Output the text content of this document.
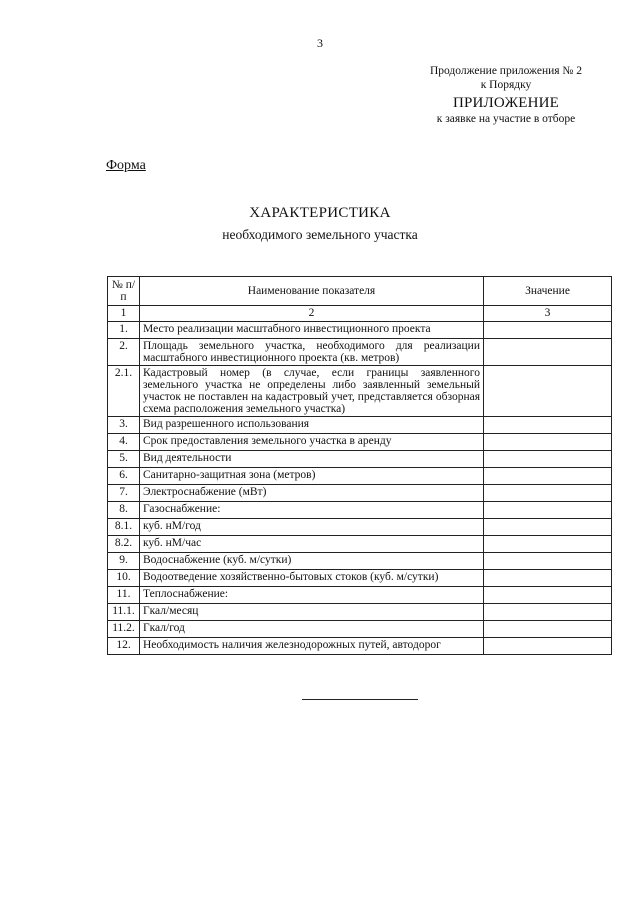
3
Продолжение приложения № 2
к Порядку
ПРИЛОЖЕНИЕ
к заявке на участие в отборе
Форма
ХАРАКТЕРИСТИКА
необходимого земельного участка
№ п/п	Наименование показателя	Значение
1	2	3
1.	Место реализации масштабного инвестиционного проекта	
2.	Площадь земельного участка, необходимого для реализации масштабного инвестиционного проекта (кв. метров)	
2.1.	Кадастровый номер (в случае, если границы заявленного земельного участка не определены либо заявленный земельный участок не поставлен на кадастровый учет, представляется обзорная схема расположения земельного участка)	
3.	Вид разрешенного использования	
4.	Срок предоставления земельного участка в аренду	
5.	Вид деятельности	
6.	Санитарно-защитная зона (метров)	
7.	Электроснабжение (мВт)	
8.	Газоснабжение:	
8.1.	куб. нМ/год	
8.2.	куб. нМ/час	
9.	Водоснабжение (куб. м/сутки)	
10.	Водоотведение хозяйственно-бытовых стоков (куб. м/сутки)	
11.	Теплоснабжение:	
11.1.	Гкал/месяц	
11.2.	Гкал/год	
12.	Необходимость наличия железнодорожных путей, автодорог	
